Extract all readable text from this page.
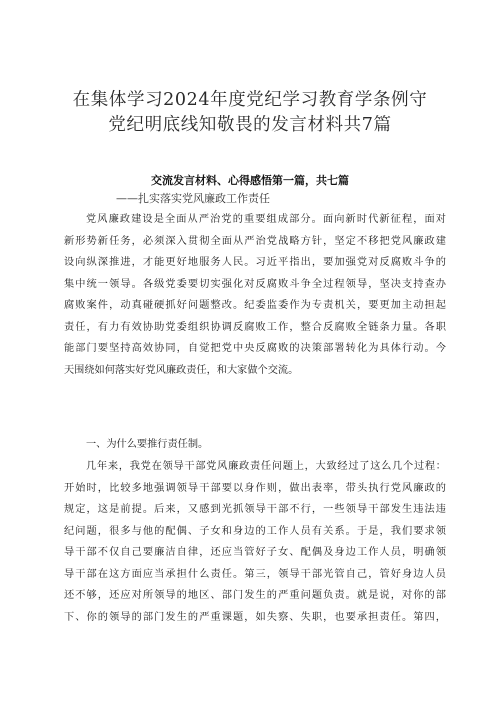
在集体学习2024年度党纪学习教育学条例守
党纪明底线知敬畏的发言材料共7篇
交流发言材料、心得感悟第一篇，共七篇
——扎实落实党风廉政工作责任
党风廉政建设是全面从严治党的重要组成部分。面向新时代新征程，面对
新形势新任务，必须深入贯彻全面从严治党战略方针，坚定不移把党风廉政建
设向纵深推进，才能更好地服务人民。习近平指出，要加强党对反腐败斗争的
集中统一领导。各级党委要切实强化对反腐败斗争全过程领导，坚决支持查办
腐败案件，动真碰硬抓好问题整改。纪委监委作为专责机关，要更加主动担起
责任，有力有效协助党委组织协调反腐败工作，整合反腐败全链条力量。各职
能部门要坚持高效协同，自觉把党中央反腐败的决策部署转化为具体行动。今
天围绕如何落实好党风廉政责任，和大家做个交流。
一、为什么要推行责任制。
几年来，我党在领导干部党风廉政责任问题上，大致经过了这么几个过程：
开始时，比较多地强调领导干部要以身作则，做出表率，带头执行党风廉政的
规定，这是前提。后来，又感到光抓领导干部不行，一些领导干部发生违法违
纪问题，很多与他的配偶、子女和身边的工作人员有关系。于是，我们要求领
导干部不仅自己要廉洁自律，还应当管好子女、配偶及身边工作人员，明确领
导干部在这方面应当承担什么责任。第三，领导干部光管自己，管好身边人员
还不够，还应对所领导的地区、部门发生的严重问题负责。就是说，对你的部
下、你的领导的部门发生的严重课题，如失察、失职，也要承担责任。第四，
